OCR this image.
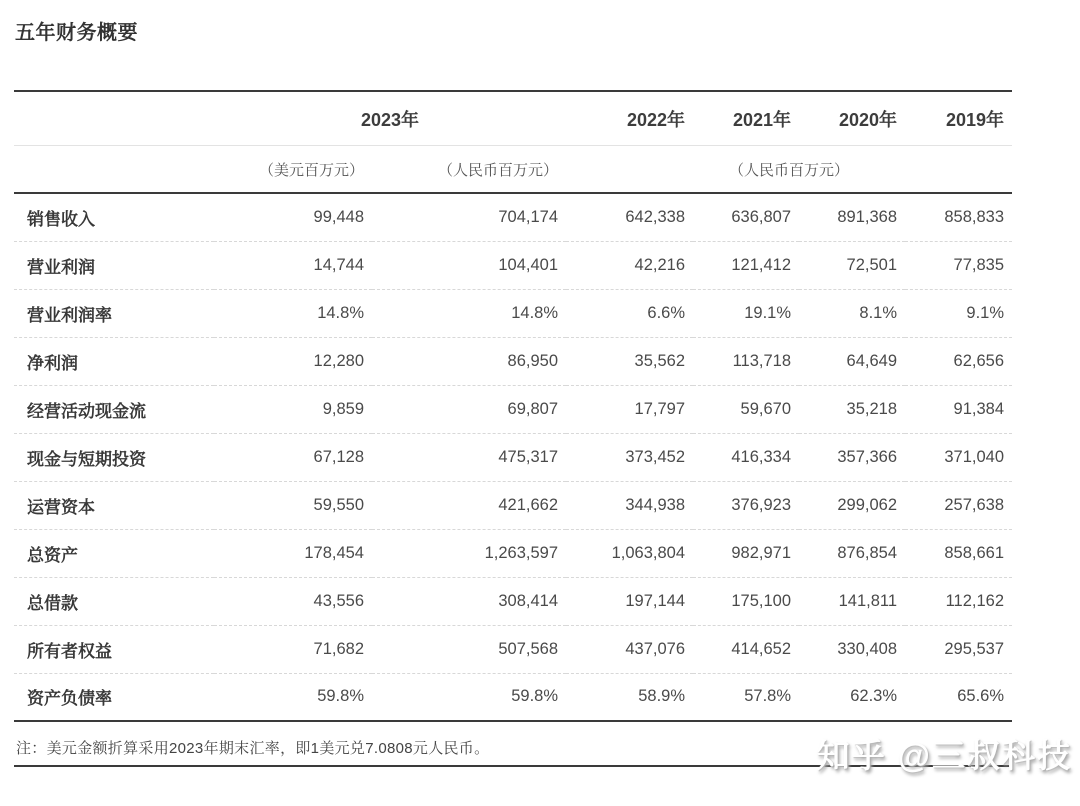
五年财务概要
	2023年		2022年	2021年	2020年	2019年
	（美元百万元）	（人民币百万元）	（人民币百万元）			
销售收入	99,448	704,174	642,338	636,807	891,368	858,833
营业利润	14,744	104,401	42,216	121,412	72,501	77,835
营业利润率	14.8%	14.8%	6.6%	19.1%	8.1%	9.1%
净利润	12,280	86,950	35,562	113,718	64,649	62,656
经营活动现金流	9,859	69,807	17,797	59,670	35,218	91,384
现金与短期投资	67,128	475,317	373,452	416,334	357,366	371,040
运营资本	59,550	421,662	344,938	376,923	299,062	257,638
总资产	178,454	1,263,597	1,063,804	982,971	876,854	858,661
总借款	43,556	308,414	197,144	175,100	141,811	112,162
所有者权益	71,682	507,568	437,076	414,652	330,408	295,537
资产负债率	59.8%	59.8%	58.9%	57.8%	62.3%	65.6%
注：美元金额折算采用2023年期末汇率，即1美元兑7.0808元人民币。	知乎 @三叔科技
